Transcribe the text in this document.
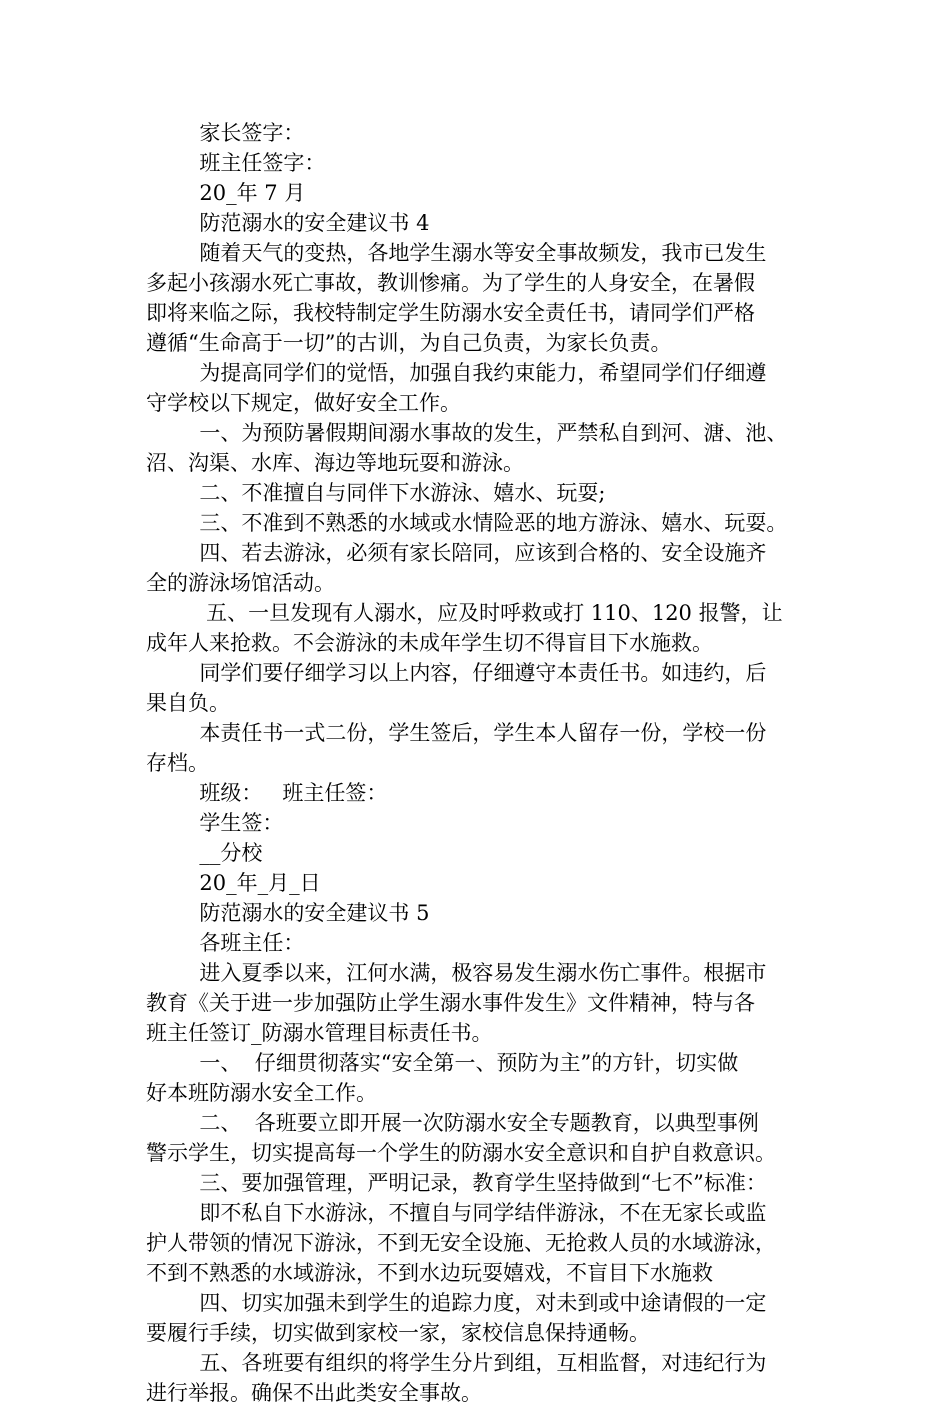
家长签字：
班主任签字：
20_年 7 月
防范溺水的安全建议书 4
随着天气的变热，各地学生溺水等安全事故频发，我市已发生
多起小孩溺水死亡事故，教训惨痛。为了学生的人身安全，在暑假
即将来临之际，我校特制定学生防溺水安全责任书，请同学们严格
遵循“生命高于一切”的古训，为自己负责，为家长负责。
为提高同学们的觉悟，加强自我约束能力，希望同学们仔细遵
守学校以下规定，做好安全工作。
一、为预防暑假期间溺水事故的发生，严禁私自到河、溏、池、
沼、沟渠、水库、海边等地玩耍和游泳。
二、不准擅自与同伴下水游泳、嬉水、玩耍;
三、不准到不熟悉的水域或水情险恶的地方游泳、嬉水、玩耍。
四、若去游泳，必须有家长陪同，应该到合格的、安全设施齐
全的游泳场馆活动。
五、一旦发现有人溺水，应及时呼救或打 110、120 报警，让
成年人来抢救。不会游泳的未成年学生切不得盲目下水施救。
同学们要仔细学习以上内容，仔细遵守本责任书。如违约，后
果自负。
本责任书一式二份，学生签后，学生本人留存一份，学校一份
存档。
班级：   班主任签：
学生签：
__分校
20_年_月_日
防范溺水的安全建议书 5
各班主任：
进入夏季以来，江何水满，极容易发生溺水伤亡事件。根据市
教育《关于进一步加强防止学生溺水事件发生》文件精神，特与各
班主任签订_防溺水管理目标责任书。
一、  仔细贯彻落实“安全第一、预防为主”的方针，切实做
好本班防溺水安全工作。
二、  各班要立即开展一次防溺水安全专题教育，以典型事例
警示学生，切实提高每一个学生的防溺水安全意识和自护自救意识。
三、要加强管理，严明记录，教育学生坚持做到“七不”标准：
即不私自下水游泳，不擅自与同学结伴游泳，不在无家长或监
护人带领的情况下游泳，不到无安全设施、无抢救人员的水域游泳，
不到不熟悉的水域游泳，不到水边玩耍嬉戏，不盲目下水施救
四、切实加强未到学生的追踪力度，对未到或中途请假的一定
要履行手续，切实做到家校一家，家校信息保持通畅。
五、各班要有组织的将学生分片到组，互相监督，对违纪行为
进行举报。确保不出此类安全事故。
